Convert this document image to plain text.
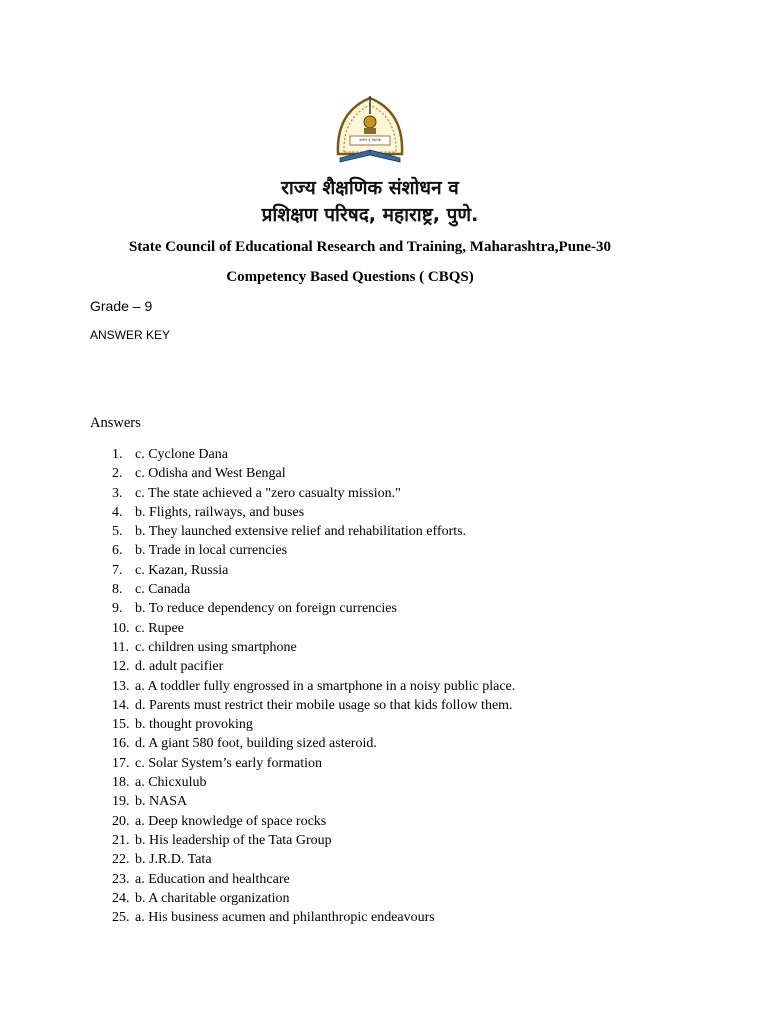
ज्ञानाय तु महाराष्ट्र
राज्य शैक्षणिक संशोधन व
प्रशिक्षण परिषद, महाराष्ट्र, पुणे.
State Council of Educational Research and Training, Maharashtra,Pune-30
Competency Based Questions ( CBQS)
Grade – 9
ANSWER KEY
Answers
1. c. Cyclone Dana
2. c. Odisha and West Bengal
3. c. The state achieved a "zero casualty mission."
4. b. Flights, railways, and buses
5. b. They launched extensive relief and rehabilitation efforts.
6. b. Trade in local currencies
7. c. Kazan, Russia
8. c. Canada
9. b. To reduce dependency on foreign currencies
10. c. Rupee
11. c. children using smartphone
12. d. adult pacifier
13. a. A toddler fully engrossed in a smartphone in a noisy public place.
14. d. Parents must restrict their mobile usage so that kids follow them.
15. b. thought provoking
16. d. A giant 580 foot, building sized asteroid.
17. c. Solar System’s early formation
18. a. Chicxulub
19. b. NASA
20. a. Deep knowledge of space rocks
21. b. His leadership of the Tata Group
22. b. J.R.D. Tata
23. a. Education and healthcare
24. b. A charitable organization
25. a. His business acumen and philanthropic endeavours
